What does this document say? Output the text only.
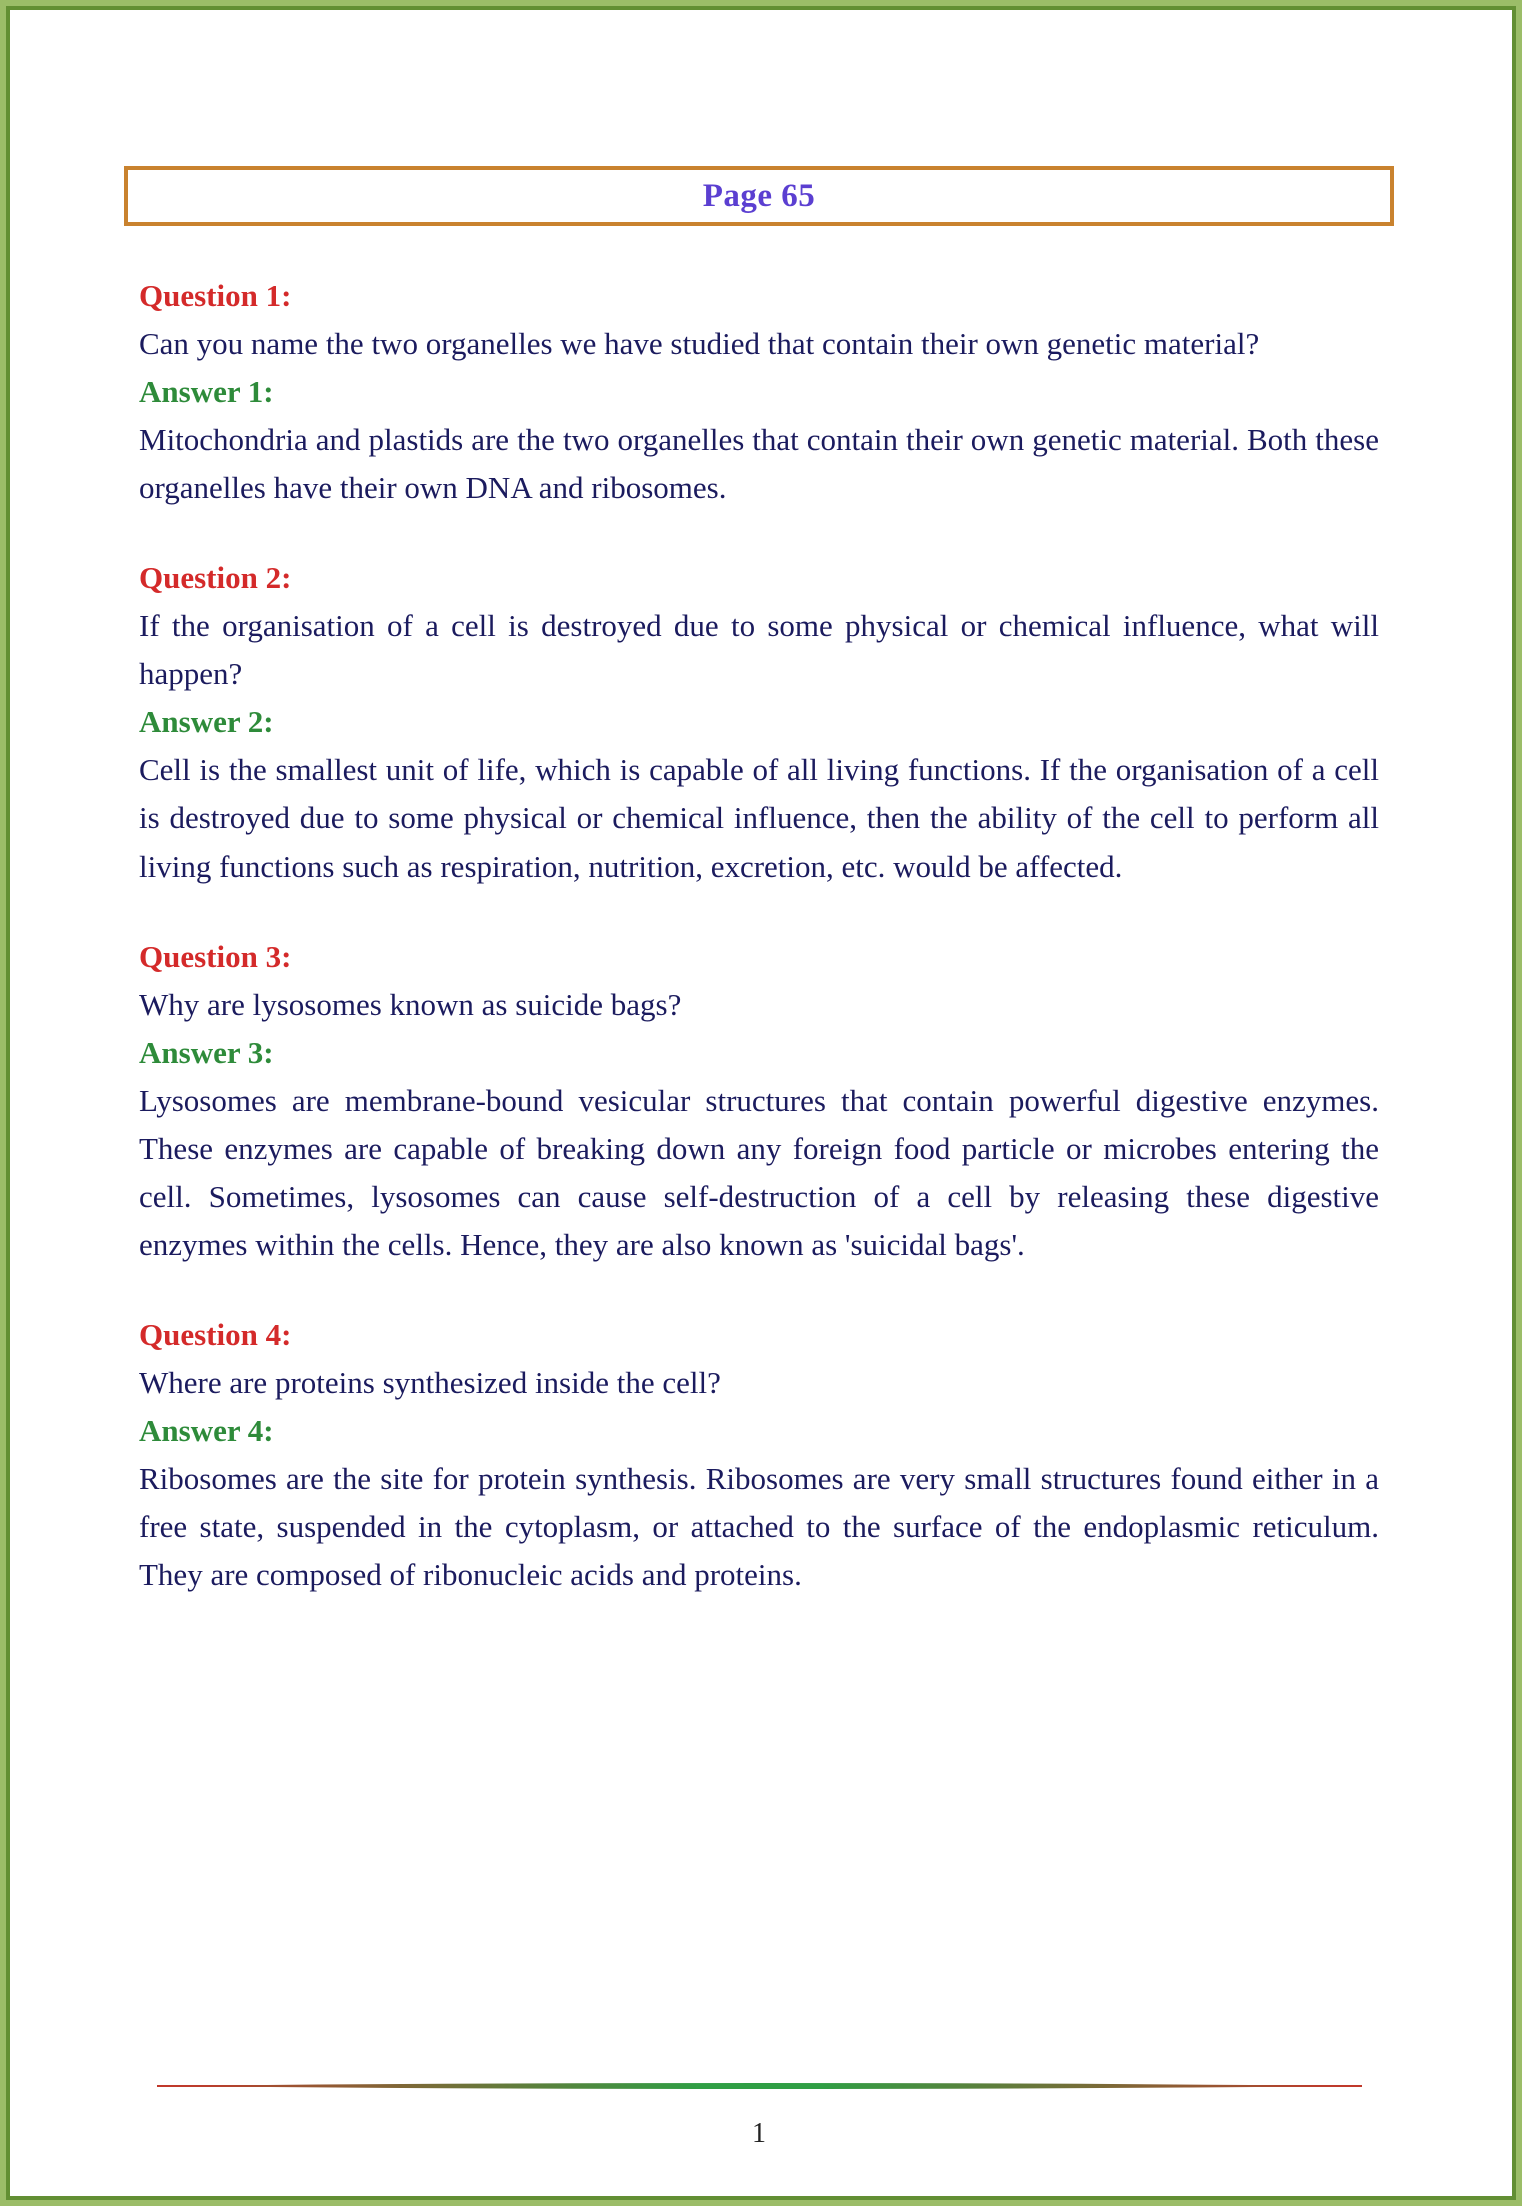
Page 65
Question 1:

Can you name the two organelles we have studied that contain their own genetic material?

Answer 1:

Mitochondria and plastids are the two organelles that contain their own genetic material. Both these organelles have their own DNA and ribosomes.

Question 2:

If the organisation of a cell is destroyed due to some physical or chemical influence, what will happen?

Answer 2:

Cell is the smallest unit of life, which is capable of all living functions. If the organisation of a cell is destroyed due to some physical or chemical influence, then the ability of the cell to perform all living functions such as respiration, nutrition, excretion, etc. would be affected.

Question 3:

Why are lysosomes known as suicide bags?

Answer 3:

Lysosomes are membrane-bound vesicular structures that contain powerful digestive enzymes. These enzymes are capable of breaking down any foreign food particle or microbes entering the cell. Sometimes, lysosomes can cause self-destruction of a cell by releasing these digestive enzymes within the cells. Hence, they are also known as 'suicidal bags'.

Question 4:

Where are proteins synthesized inside the cell?

Answer 4:

Ribosomes are the site for protein synthesis. Ribosomes are very small structures found either in a free state, suspended in the cytoplasm, or attached to the surface of the endoplasmic reticulum. They are composed of ribonucleic acids and proteins.

1
